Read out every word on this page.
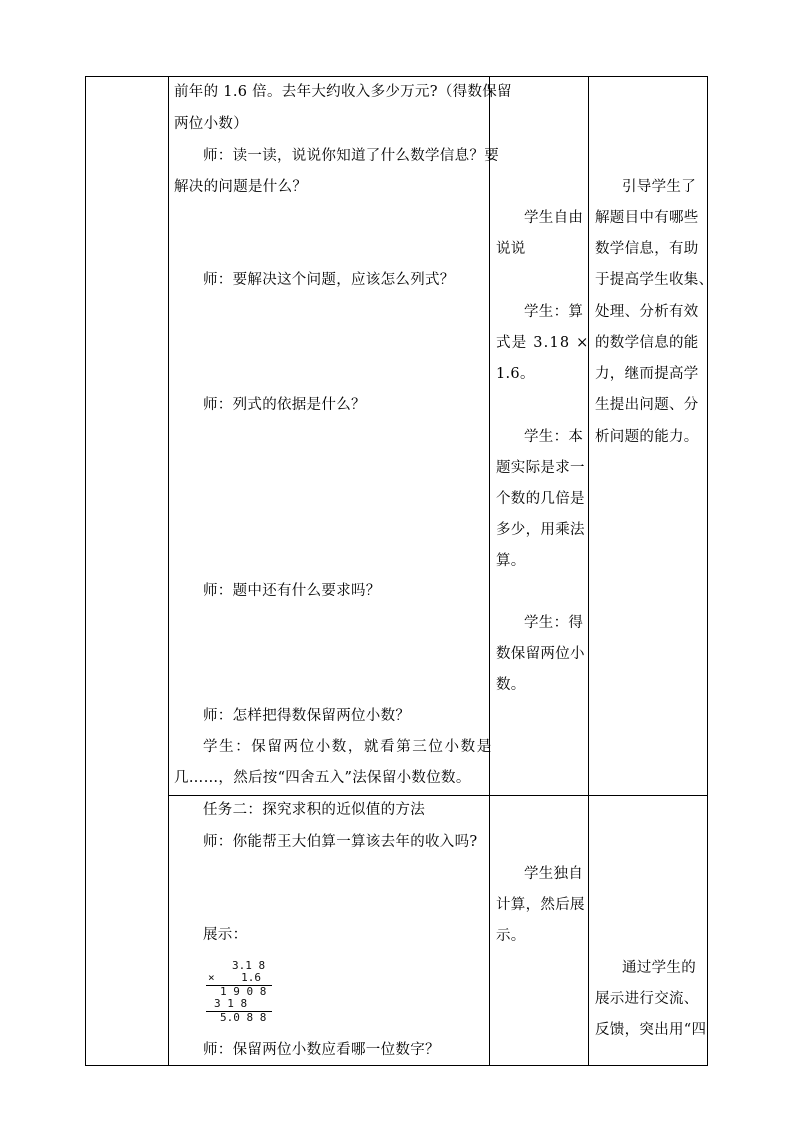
前年的 1.6 倍。去年大约收入多少万元?（得数保留
两位小数）
师：读一读，说说你知道了什么数学信息？要
解决的问题是什么？
师：要解决这个问题，应该怎么列式？
师：列式的依据是什么？
师：题中还有什么要求吗？
师：怎样把得数保留两位小数？
学生：保留两位小数，就看第三位小数是
几……，然后按“四舍五入”法保留小数位数。
任务二：探究求积的近似值的方法
师：你能帮王大伯算一算该去年的收入吗?
展示：
3.1 8
×    1.6
1 9 0 8
3 1 8
5.0 8 8
师：保留两位小数应看哪一位数字？
学生自由
说说
学生：算
式是 3.18 ×
1.6。
学生：本
题实际是求一
个数的几倍是
多少，用乘法
算。
学生：得
数保留两位小
数。
学生独自
计算，然后展
示。
引导学生了
解题目中有哪些
数学信息，有助
于提高学生收集、
处理、分析有效
的数学信息的能
力，继而提高学
生提出问题、分
析问题的能力。
通过学生的
展示进行交流、
反馈，突出用“四
